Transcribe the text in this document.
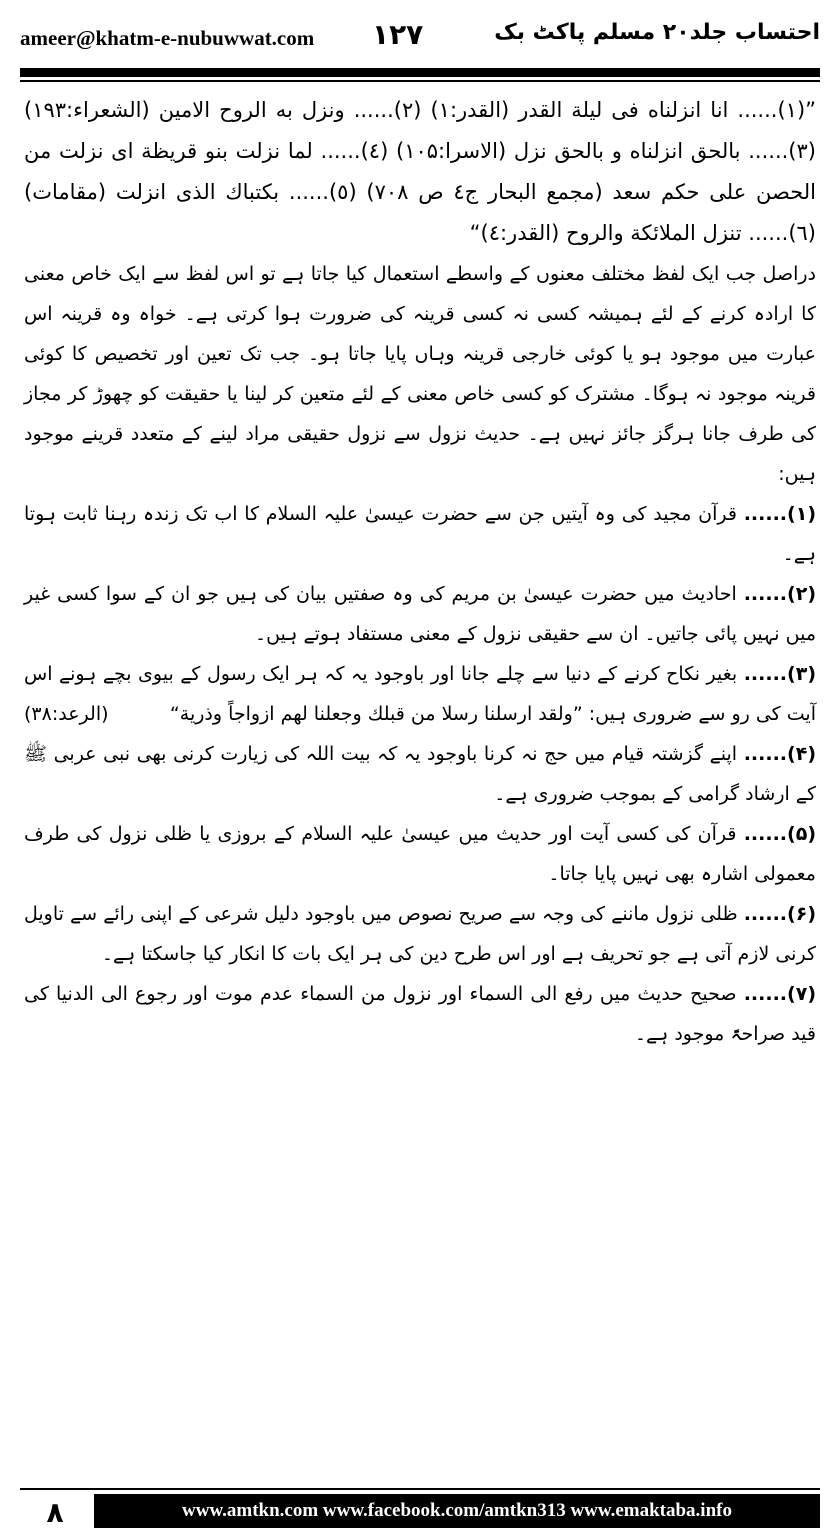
ameer@khatm-e-nubuwwat.com ۱۲۷	احتساب جلد۲۰ مسلم پاکٹ بک

”(۱)...... انا انزلناه فی لیلة القدر (القدر:۱) (۲)...... ونزل به الروح الامین (الشعراء:۱۹۳) (۳)...... بالحق انزلناه و بالحق نزل (الاسرا:۱۰۵) (٤)...... لما نزلت بنو قریظة ای نزلت من الحصن علی حکم سعد (مجمع البحار ج٤ ص ۷۰۸) (٥)...... بکتباك الذی انزلت (مقامات) (٦)...... تنزل الملائکة والروح (القدر:٤)“

دراصل جب ایک لفظ مختلف معنوں کے واسطے استعمال کیا جاتا ہے تو اس لفظ سے ایک خاص معنی کا ارادہ کرنے کے لئے ہمیشہ کسی نہ کسی قرینہ کی ضرورت ہوا کرتی ہے۔ خواہ وہ قرینہ اس عبارت میں موجود ہو یا کوئی خارجی قرینہ وہاں پایا جاتا ہو۔ جب تک تعین اور تخصیص کا کوئی قرینہ موجود نہ ہوگا۔ مشترک کو کسی خاص معنی کے لئے متعین کر لینا یا حقیقت کو چھوڑ کر مجاز کی طرف جانا ہرگز جائز نہیں ہے۔ حدیث نزول سے نزول حقیقی مراد لینے کے متعدد قرینے موجود ہیں:

(۱)...... قرآن مجید کی وہ آیتیں جن سے حضرت عیسیٰ علیہ السلام کا اب تک زندہ رہنا ثابت ہوتا ہے۔

(۲)...... احادیث میں حضرت عیسیٰ بن مریم کی وہ صفتیں بیان کی ہیں جو ان کے سوا کسی غیر میں نہیں پائی جاتیں۔ ان سے حقیقی نزول کے معنی مستفاد ہوتے ہیں۔

(۳)...... بغیر نکاح کرنے کے دنیا سے چلے جانا اور باوجود یہ کہ ہر ایک رسول کے بیوی بچے ہونے اس آیت کی رو سے ضروری ہیں: ”ولقد ارسلنا رسلا من قبلك وجعلنا لهم ازواجاً وذریة“
(الرعد:۳۸)

(۴)...... اپنے گزشتہ قیام میں حج نہ کرنا باوجود یہ کہ بیت اللہ کی زیارت کرنی بھی نبی عربی ﷺ کے ارشاد گرامی کے بموجب ضروری ہے۔

(۵)...... قرآن کی کسی آیت اور حدیث میں عیسیٰ علیہ السلام کے بروزی یا ظلی نزول کی طرف معمولی اشارہ بھی نہیں پایا جاتا۔

(۶)...... ظلی نزول ماننے کی وجہ سے صریح نصوص میں باوجود دلیل شرعی کے اپنی رائے سے تاویل کرنی لازم آتی ہے جو تحریف ہے اور اس طرح دین کی ہر ایک بات کا انکار کیا جاسکتا ہے۔

(۷)...... صحیح حدیث میں رفع الی السماء اور نزول من السماء عدم موت اور رجوع الی الدنیا کی قید صراحۃً موجود ہے۔

۸	www.amtkn.com www.facebook.com/amtkn313 www.emaktaba.info
